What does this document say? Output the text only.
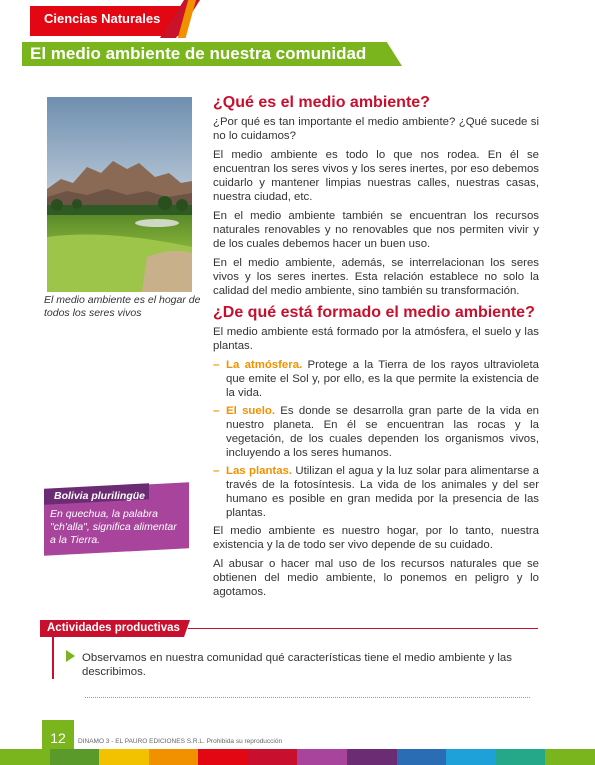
Ciencias Naturales
El medio ambiente de nuestra comunidad
El medio ambiente es el hogar de todos los seres vivos
¿Qué es el medio ambiente?

¿Por qué es tan importante el medio ambiente? ¿Qué sucede si no lo cuidamos?

El medio ambiente es todo lo que nos rodea. En él se encuentran los seres vivos y los seres inertes, por eso debemos cuidarlo y mantener limpias nuestras calles, nuestras casas, nuestra ciudad, etc.

En el medio ambiente también se encuentran los recursos naturales renovables y no renovables que nos permiten vivir y de los cuales debemos hacer un buen uso.

En el medio ambiente, además, se interrelacionan los seres vivos y los seres inertes. Esta relación establece no solo la calidad del medio ambiente, sino también su transformación.

¿De qué está formado el medio ambiente?

El medio ambiente está formado por la atmósfera, el suelo y las plantas.

– La atmósfera. Protege a la Tierra de los rayos ultravioleta que emite el Sol y, por ello, es la que permite la existencia de la vida.
– El suelo. Es donde se desarrolla gran parte de la vida en nuestro planeta. En él se encuentran las rocas y la vegetación, de los cuales dependen los organismos vivos, incluyendo a los seres humanos.
– Las plantas. Utilizan el agua y la luz solar para alimentarse a través de la fotosíntesis. La vida de los animales y del ser humano es posible en gran medida por la presencia de las plantas.

El medio ambiente es nuestro hogar, por lo tanto, nuestra existencia y la de todo ser vivo depende de su cuidado.

Al abusar o hacer mal uso de los recursos naturales que se obtienen del medio ambiente, lo ponemos en peligro y lo agotamos.

Bolivia plurilingüe
En quechua, la palabra "ch'alla", significa alimentar a la Tierra.
Actividades productivas
Observamos en nuestra comunidad qué características tiene el medio ambiente y las describimos.
12	DINAMO 3 - EL PAURO EDICIONES S.R.L. Prohibida su reproducción
